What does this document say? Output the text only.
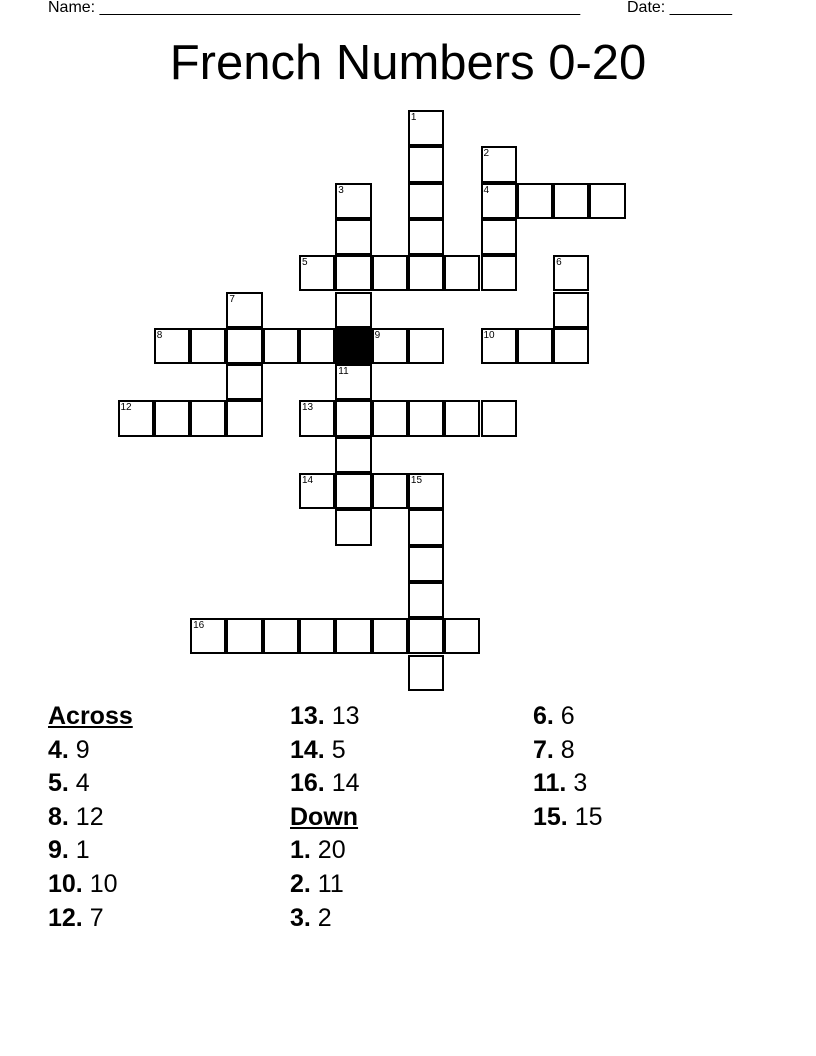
Name: ______________________________________________________	Date: _______
French Numbers 0-20
1
2
3	4
5	6
7
8	9	10
11
12	13
14	15
16
Across
4. 9
5. 4
8. 12
9. 1
10. 10
12. 7
13. 13
14. 5
16. 14
Down
1. 20
2. 11
3. 2
6. 6
7. 8
11. 3
15. 15
